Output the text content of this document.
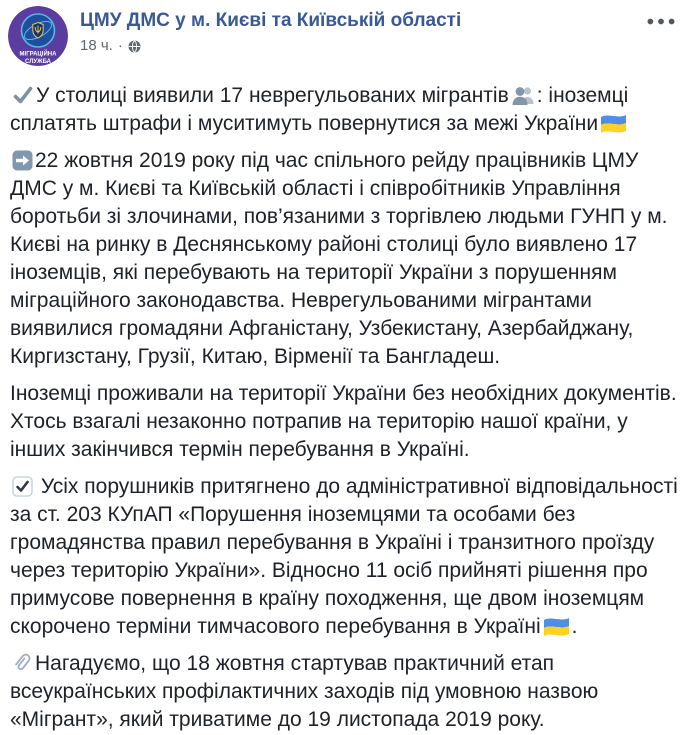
МІГРАЦІЙНА
СЛУЖБА
ЦМУ ДМС у м. Києві та Київській області
18 ч. ·

У столиці виявили 17 неврегульованих мігрантів : іноземці сплатять штрафи і муситимуть повернутися за межі України

22 жовтня 2019 року під час спільного рейду працівників ЦМУ ДМС у м. Києві та Київській області і співробітників Управління боротьби зі злочинами, пов’язаними з торгівлею людьми ГУНП у м. Києві на ринку в Деснянському районі столиці було виявлено 17 іноземців, які перебувають на території України з порушенням міграційного законодавства. Неврегульованими мігрантами виявилися громадяни Афганістану, Узбекистану, Азербайджану, Киргизстану, Грузії, Китаю, Вірменії та Бангладеш.

Іноземці проживали на території України без необхідних документів. Хтось взагалі незаконно потрапив на територію нашої країни, у інших закінчився термін перебування в Україні.

Усіх порушників притягнено до адміністративної відповідальності за ст. 203 КУпАП «Порушення іноземцями та особами без громадянства правил перебування в Україні і транзитного проїзду через територію України». Відносно 11 осіб прийняті рішення про примусове повернення в країну походження, ще двом іноземцям скорочено терміни тимчасового перебування в Україні .

Нагадуємо, що 18 жовтня стартував практичний етап всеукраїнських профілактичних заходів під умовною назвою «Мігрант», який триватиме до 19 листопада 2019 року.
